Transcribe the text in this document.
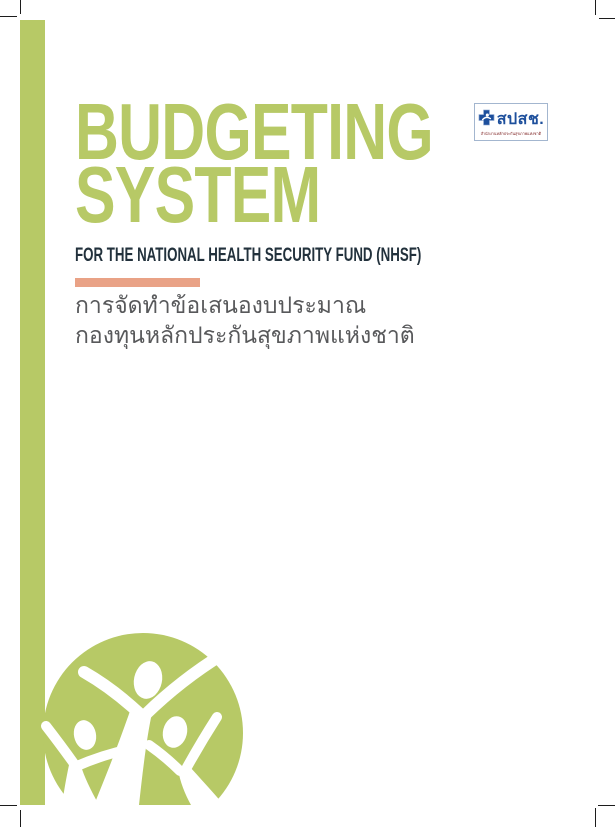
สปสช.
สำนักงานหลักประกันสุขภาพแห่งชาติ
BUDGETING
SYSTEM
FOR THE NATIONAL HEALTH SECURITY FUND (NHSF)
การจัดทำข้อเสนองบประมาณ
กองทุนหลักประกันสุขภาพแห่งชาติ
